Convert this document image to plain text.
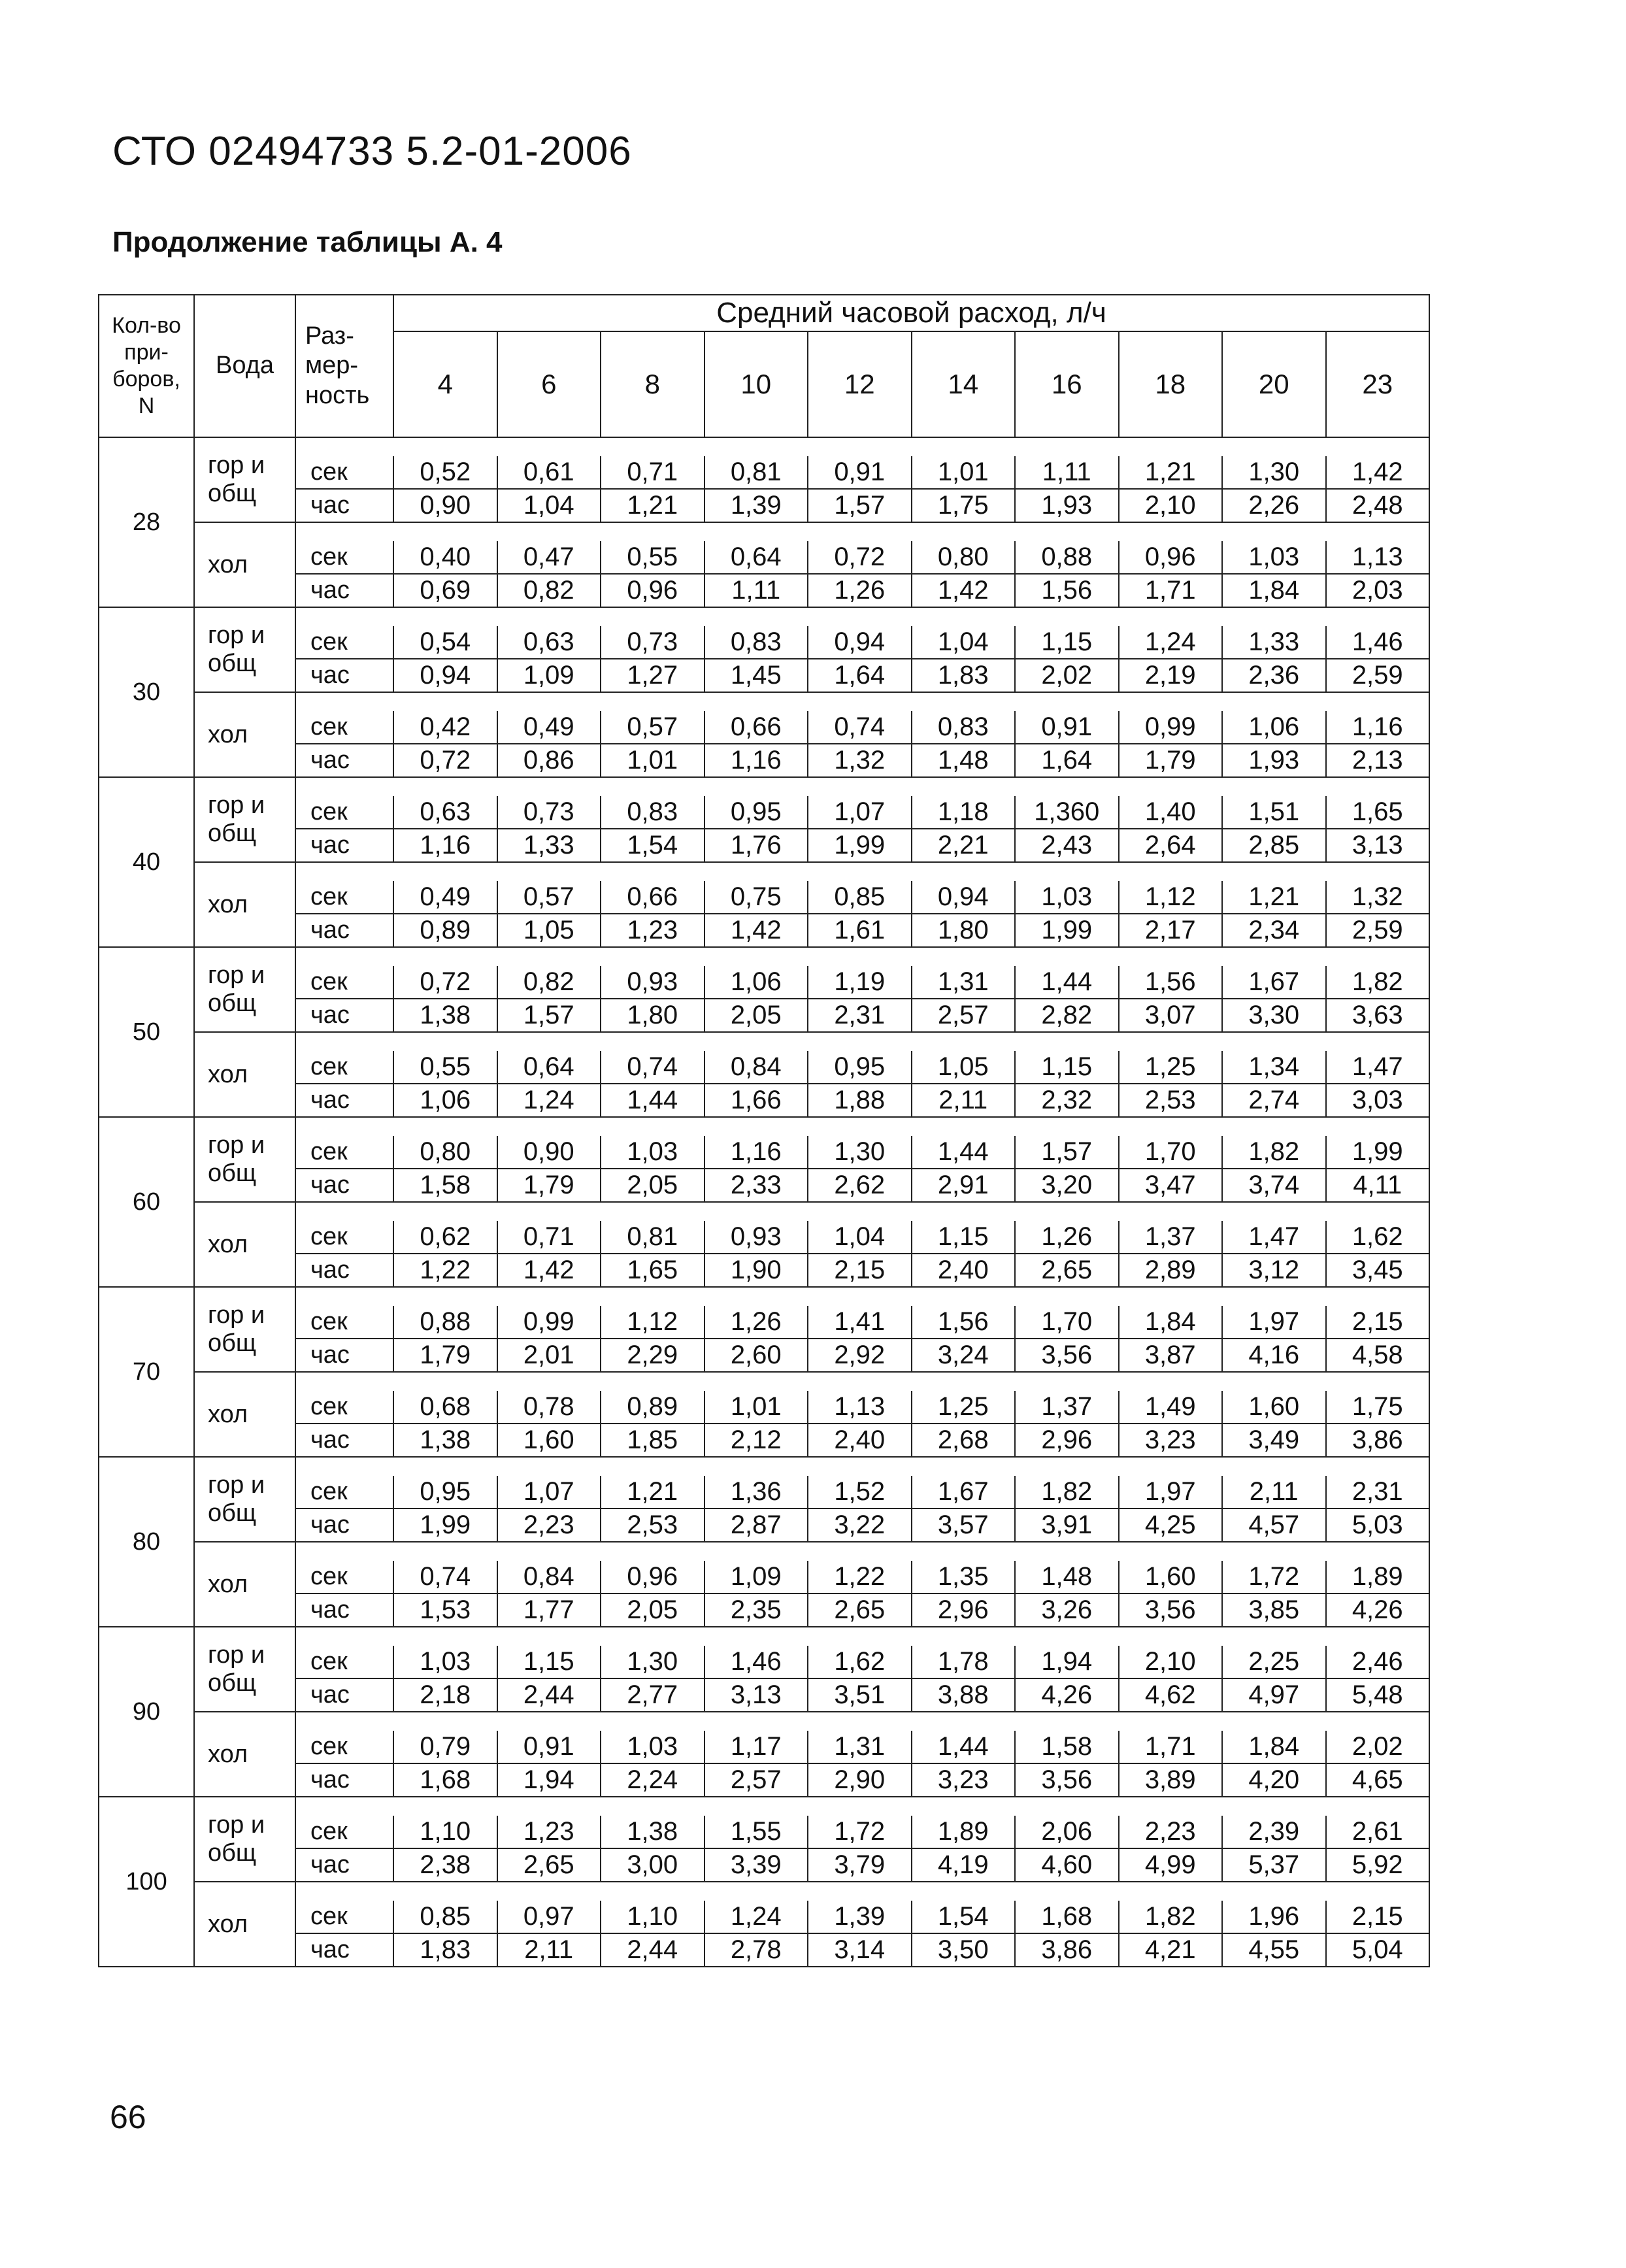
СТО 02494733 5.2-01-2006
Продолжение таблицы А. 4
Кол-во
при-
боров,
N	Вода	Раз-
мер-
ность	Средний часовой расход, л/ч									
			4	6	8	10	12	14	16	18	20	23
28	гор и
общ											
		сек	0,52	0,61	0,71	0,81	0,91	1,01	1,11	1,21	1,30	1,42
		час	0,90	1,04	1,21	1,39	1,57	1,75	1,93	2,10	2,26	2,48
	хол											
		сек	0,40	0,47	0,55	0,64	0,72	0,80	0,88	0,96	1,03	1,13
		час	0,69	0,82	0,96	1,11	1,26	1,42	1,56	1,71	1,84	2,03
30	гор и
общ											
		сек	0,54	0,63	0,73	0,83	0,94	1,04	1,15	1,24	1,33	1,46
		час	0,94	1,09	1,27	1,45	1,64	1,83	2,02	2,19	2,36	2,59
	хол											
		сек	0,42	0,49	0,57	0,66	0,74	0,83	0,91	0,99	1,06	1,16
		час	0,72	0,86	1,01	1,16	1,32	1,48	1,64	1,79	1,93	2,13
40	гор и
общ											
		сек	0,63	0,73	0,83	0,95	1,07	1,18	1,360	1,40	1,51	1,65
		час	1,16	1,33	1,54	1,76	1,99	2,21	2,43	2,64	2,85	3,13
	хол											
		сек	0,49	0,57	0,66	0,75	0,85	0,94	1,03	1,12	1,21	1,32
		час	0,89	1,05	1,23	1,42	1,61	1,80	1,99	2,17	2,34	2,59
50	гор и
общ											
		сек	0,72	0,82	0,93	1,06	1,19	1,31	1,44	1,56	1,67	1,82
		час	1,38	1,57	1,80	2,05	2,31	2,57	2,82	3,07	3,30	3,63
	хол											
		сек	0,55	0,64	0,74	0,84	0,95	1,05	1,15	1,25	1,34	1,47
		час	1,06	1,24	1,44	1,66	1,88	2,11	2,32	2,53	2,74	3,03
60	гор и
общ											
		сек	0,80	0,90	1,03	1,16	1,30	1,44	1,57	1,70	1,82	1,99
		час	1,58	1,79	2,05	2,33	2,62	2,91	3,20	3,47	3,74	4,11
	хол											
		сек	0,62	0,71	0,81	0,93	1,04	1,15	1,26	1,37	1,47	1,62
		час	1,22	1,42	1,65	1,90	2,15	2,40	2,65	2,89	3,12	3,45
70	гор и
общ											
		сек	0,88	0,99	1,12	1,26	1,41	1,56	1,70	1,84	1,97	2,15
		час	1,79	2,01	2,29	2,60	2,92	3,24	3,56	3,87	4,16	4,58
	хол											
		сек	0,68	0,78	0,89	1,01	1,13	1,25	1,37	1,49	1,60	1,75
		час	1,38	1,60	1,85	2,12	2,40	2,68	2,96	3,23	3,49	3,86
80	гор и
общ											
		сек	0,95	1,07	1,21	1,36	1,52	1,67	1,82	1,97	2,11	2,31
		час	1,99	2,23	2,53	2,87	3,22	3,57	3,91	4,25	4,57	5,03
	хол											
		сек	0,74	0,84	0,96	1,09	1,22	1,35	1,48	1,60	1,72	1,89
		час	1,53	1,77	2,05	2,35	2,65	2,96	3,26	3,56	3,85	4,26
90	гор и
общ											
		сек	1,03	1,15	1,30	1,46	1,62	1,78	1,94	2,10	2,25	2,46
		час	2,18	2,44	2,77	3,13	3,51	3,88	4,26	4,62	4,97	5,48
	хол											
		сек	0,79	0,91	1,03	1,17	1,31	1,44	1,58	1,71	1,84	2,02
		час	1,68	1,94	2,24	2,57	2,90	3,23	3,56	3,89	4,20	4,65
100	гор и
общ											
		сек	1,10	1,23	1,38	1,55	1,72	1,89	2,06	2,23	2,39	2,61
		час	2,38	2,65	3,00	3,39	3,79	4,19	4,60	4,99	5,37	5,92
	хол											
		сек	0,85	0,97	1,10	1,24	1,39	1,54	1,68	1,82	1,96	2,15
		час	1,83	2,11	2,44	2,78	3,14	3,50	3,86	4,21	4,55	5,04
66
